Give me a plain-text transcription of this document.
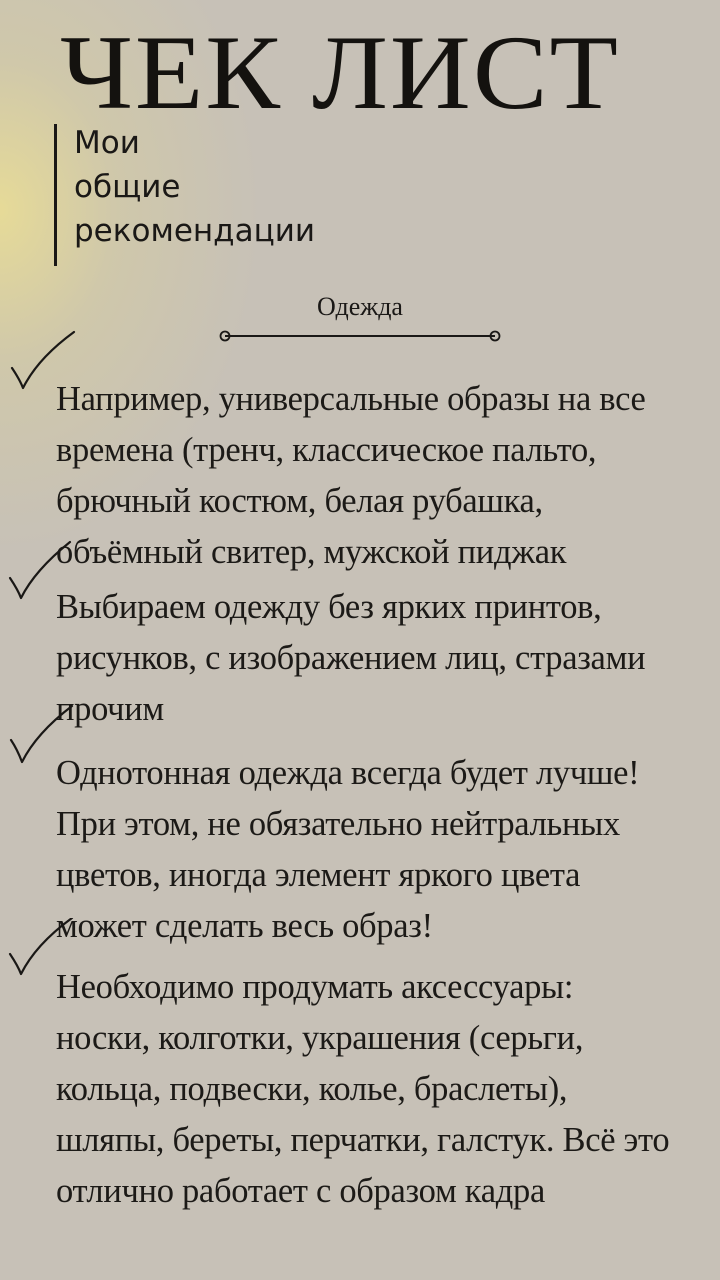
ЧЕК ЛИСТ
Мои
общие
рекомендации
Одежда
Например, универсальные образы на все
времена (тренч, классическое пальто,
брючный костюм, белая рубашка,
объёмный свитер, мужской пиджак
Выбираем одежду без ярких принтов,
рисунков, с изображением лиц, стразами
прочим
Однотонная одежда всегда будет лучше!
При этом, не обязательно нейтральных
цветов, иногда элемент яркого цвета
может сделать весь образ!
Необходимо продумать аксессуары:
носки, колготки, украшения (серьги,
кольца, подвески, колье, браслеты),
шляпы, береты, перчатки, галстук. Всё это
отлично работает с образом кадра
